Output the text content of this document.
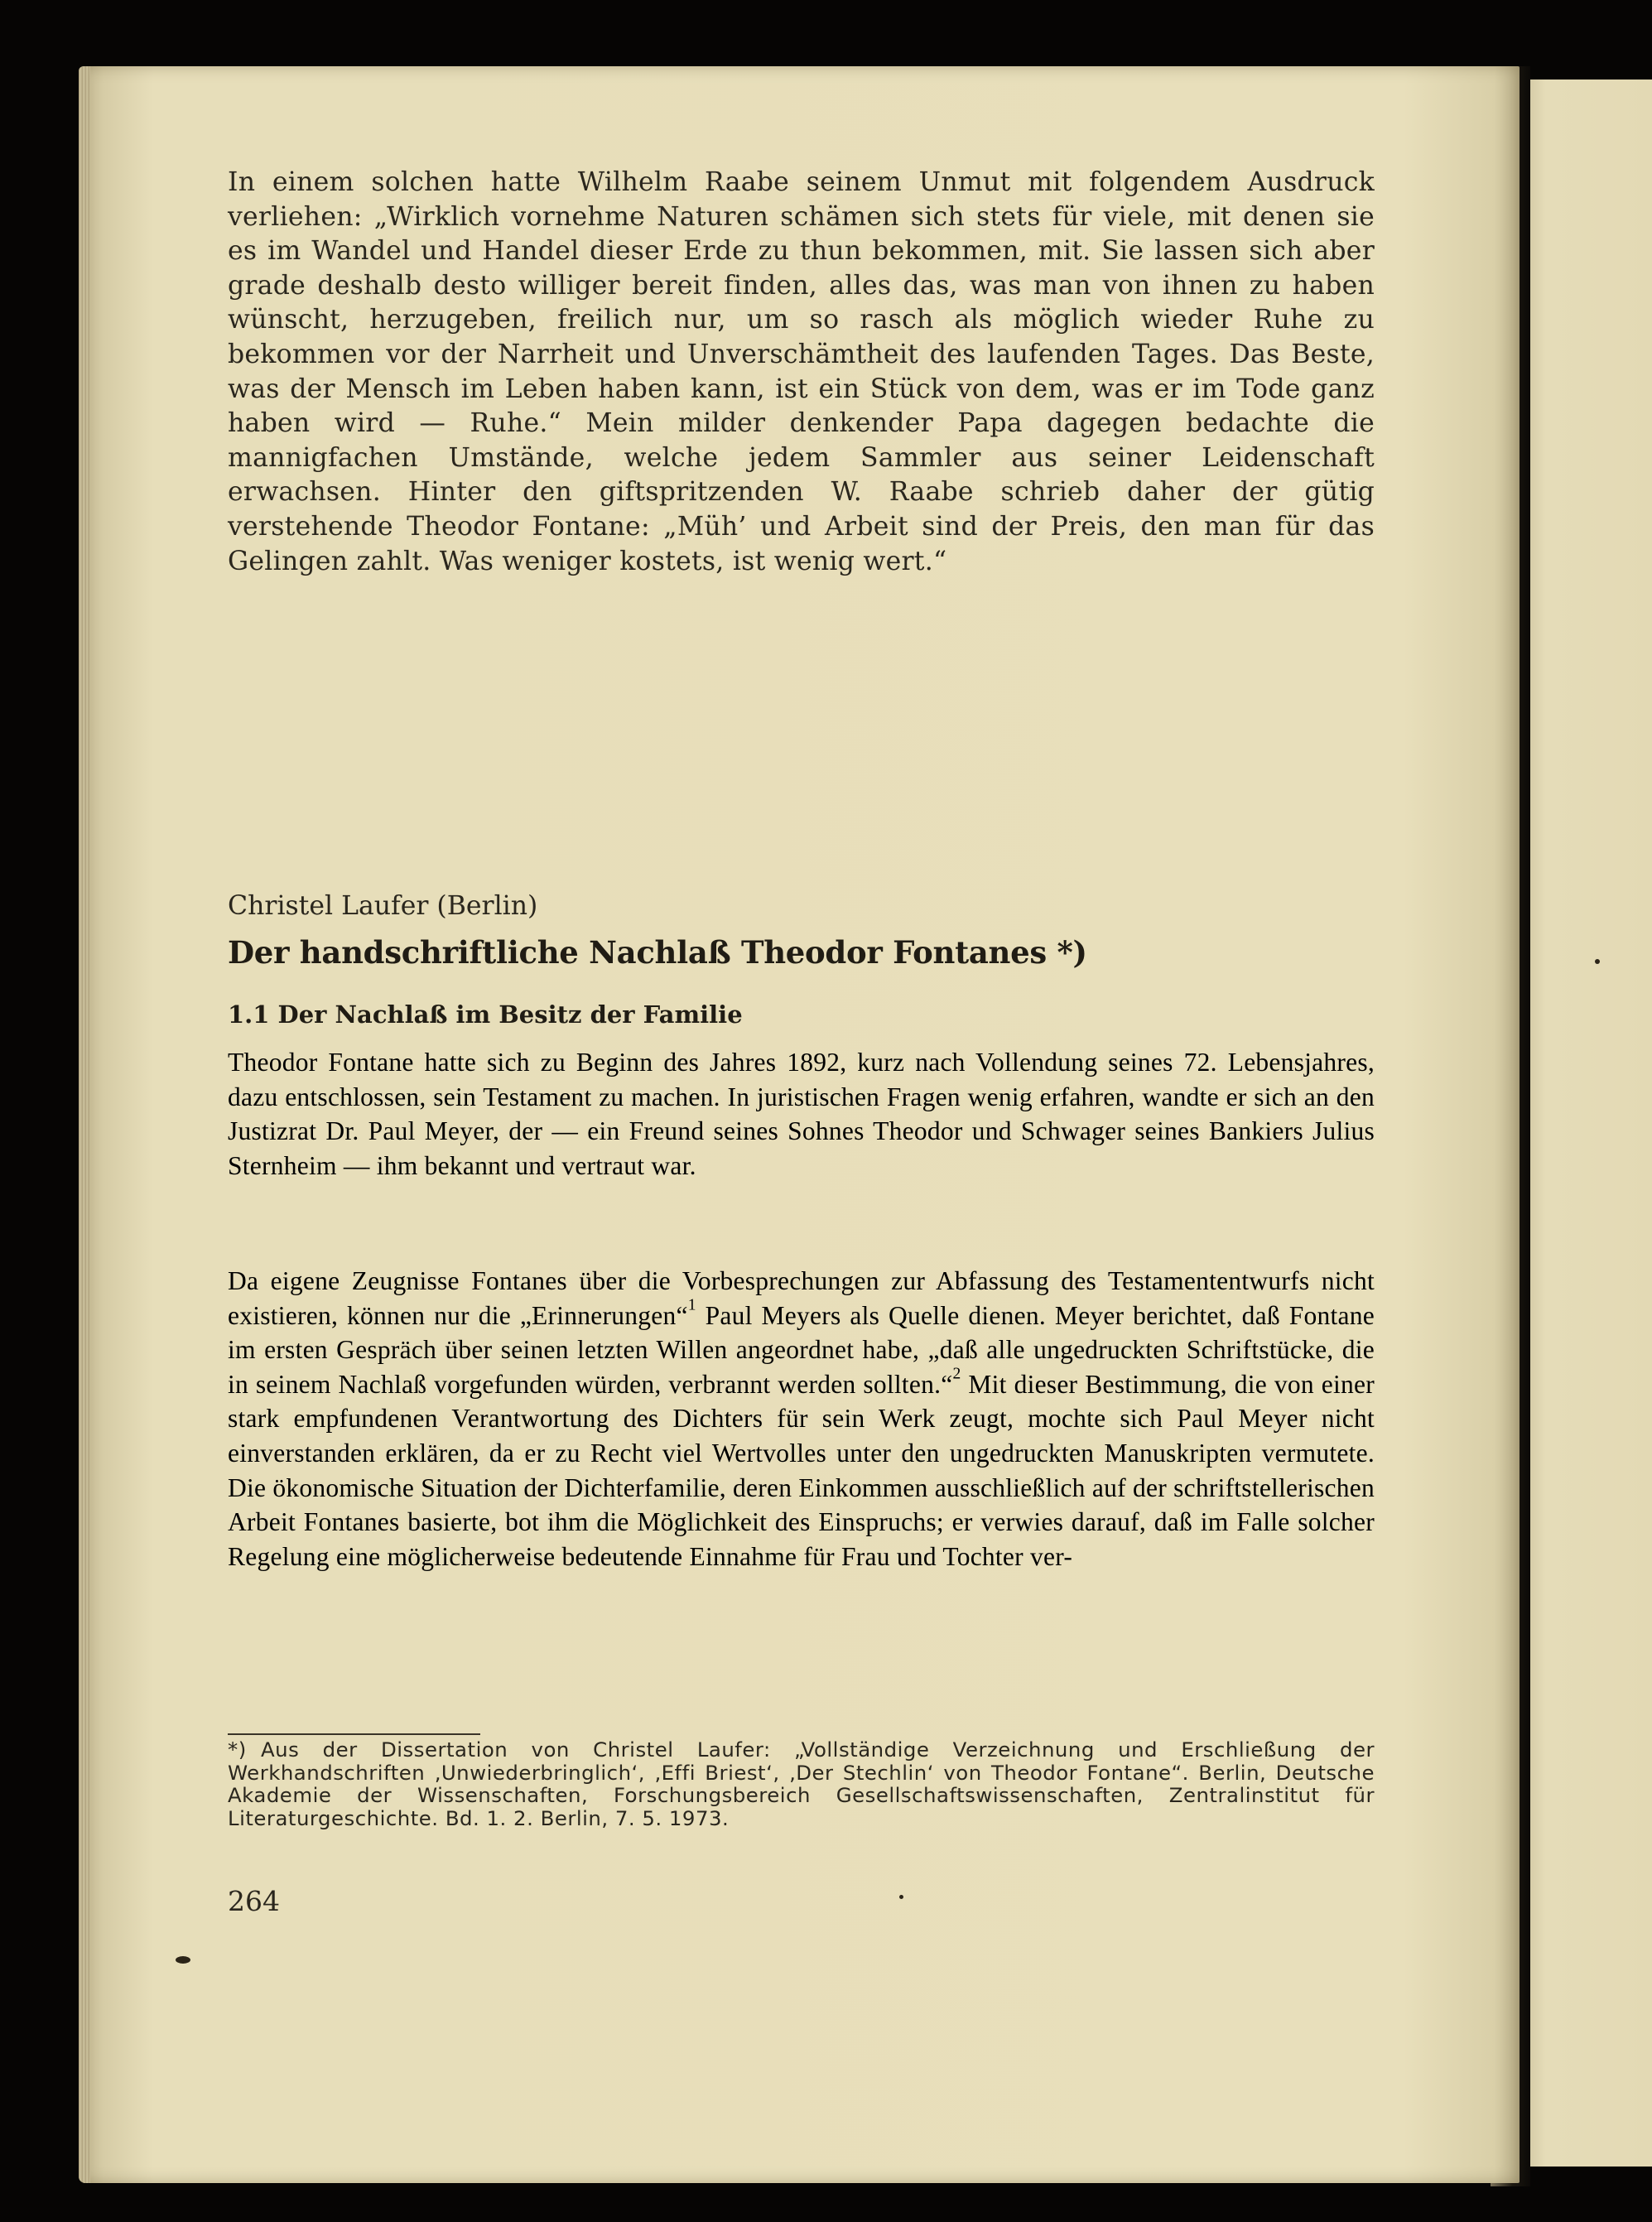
In einem solchen hatte Wilhelm Raabe seinem Unmut mit folgendem Ausdruck verliehen: „Wirklich vornehme Naturen schämen sich stets für viele, mit denen sie es im Wandel und Handel dieser Erde zu thun bekommen, mit. Sie lassen sich aber grade deshalb desto williger bereit finden, alles das, was man von ihnen zu haben wünscht, herzugeben, freilich nur, um so rasch als möglich wieder Ruhe zu bekommen vor der Narrheit und Unverschämtheit des laufenden Tages. Das Beste, was der Mensch im Leben haben kann, ist ein Stück von dem, was er im Tode ganz haben wird — Ruhe.“ Mein milder denkender Papa dagegen bedachte die mannigfachen Umstände, welche jedem Sammler aus seiner Leidenschaft erwachsen. Hinter den giftspritzenden W. Raabe schrieb daher der gütig verstehende Theodor Fontane: „Müh’ und Arbeit sind der Preis, den man für das Gelingen zahlt. Was weniger kostets, ist wenig wert.“

Christel Laufer (Berlin)

Der handschriftliche Nachlaß Theodor Fontanes *)
1.1 Der Nachlaß im Besitz der Familie

Theodor Fontane hatte sich zu Beginn des Jahres 1892, kurz nach Vollendung seines 72. Lebensjahres, dazu entschlossen, sein Testament zu machen. In juristischen Fragen wenig erfahren, wandte er sich an den Justizrat Dr. Paul Meyer, der — ein Freund seines Sohnes Theodor und Schwager seines Bankiers Julius Sternheim — ihm bekannt und vertraut war.

Da eigene Zeugnisse Fontanes über die Vorbesprechungen zur Abfassung des Testamententwurfs nicht existieren, können nur die „Erinnerungen“$^1$ Paul Meyers als Quelle dienen. Meyer berichtet, daß Fontane im ersten Gespräch über seinen letzten Willen angeordnet habe, „daß alle ungedruckten Schriftstücke, die in seinem Nachlaß vorgefunden würden, verbrannt werden sollten.“$^2$ Mit dieser Bestimmung, die von einer stark empfundenen Verantwortung des Dichters für sein Werk zeugt, mochte sich Paul Meyer nicht einverstanden erklären, da er zu Recht viel Wertvolles unter den ungedruckten Manuskripten vermutete. Die ökonomische Situation der Dichterfamilie, deren Einkommen ausschließlich auf der schriftstellerischen Arbeit Fontanes basierte, bot ihm die Möglichkeit des Einspruchs; er verwies darauf, daß im Falle solcher Regelung eine möglicherweise bedeutende Einnahme für Frau und Tochter ver-

*) Aus der Dissertation von Christel Laufer: „Vollständige Verzeichnung und Erschließung der Werkhandschriften ‚Unwiederbringlich‘, ‚Effi Briest‘, ‚Der Stechlin‘ von Theodor Fontane“. Berlin, Deutsche Akademie der Wissenschaften, Forschungsbereich Gesellschaftswissenschaften, Zentralinstitut für Literaturgeschichte. Bd. 1. 2. Berlin, 7. 5. 1973.

264
